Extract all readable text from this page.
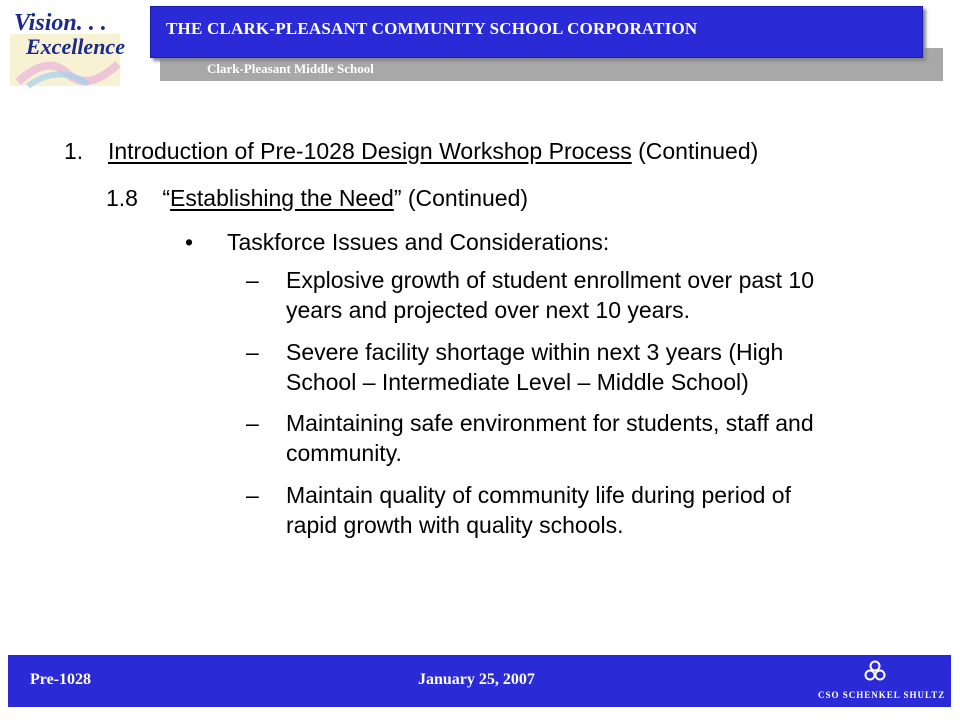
Vision. . .
Excellence
THE CLARK-PLEASANT COMMUNITY SCHOOL CORPORATION
Clark-Pleasant Middle School
1. Introduction of Pre-1028 Design Workshop Process (Continued)
1.8 “Establishing the Need” (Continued)
• Taskforce Issues and Considerations:
– Explosive growth of student enrollment over past 10
years and projected over next 10 years.
– Severe facility shortage within next 3 years (High
School – Intermediate Level – Middle School)
– Maintaining safe environment for students, staff and
community.
– Maintain quality of community life during period of
rapid growth with quality schools.
Pre-1028	January 25, 2007
CSO SCHENKEL SHULTZ
